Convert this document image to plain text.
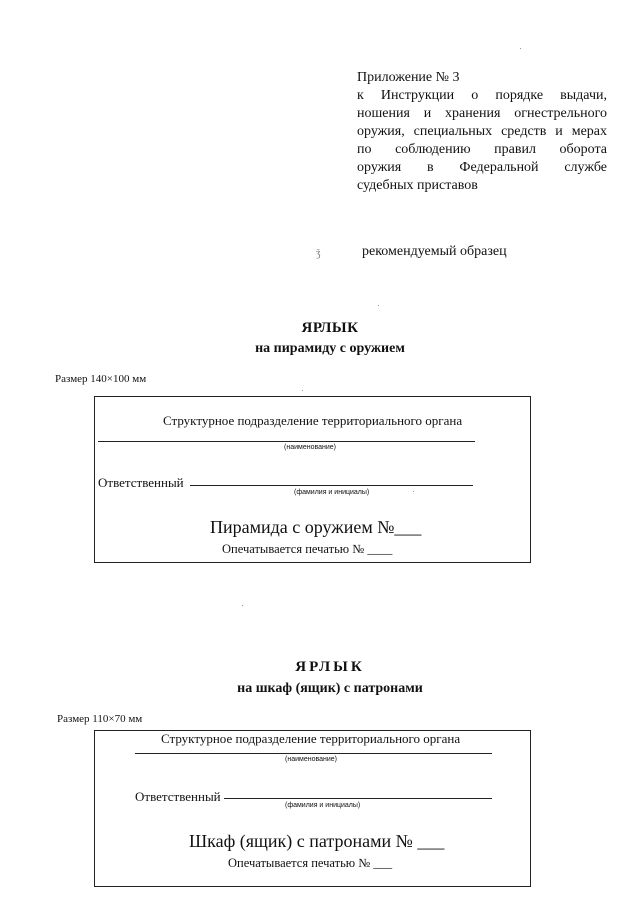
Приложение № 3
к Инструкции о порядке выдачи,
ношения и хранения огнестрельного
оружия, специальных средств и мерах
по соблюдению правил оборота
оружия в Федеральной службе
судебных приставов
ǯ	рекомендуемый образец
ЯРЛЫК
на пирамиду с оружием
Размер 140×100 мм
Структурное подразделение территориального органа
(наименование)
Ответственный
(фамилия и инициалы)
Пирамида с оружием №___
Опечатывается печатью № ____
ЯРЛЫК
на шкаф (ящик) с патронами
Размер 110×70 мм
Структурное подразделение территориального органа
(наименование)
Ответственный
(фамилия и инициалы)
Шкаф (ящик) с патронами № ___
Опечатывается печатью № ___
